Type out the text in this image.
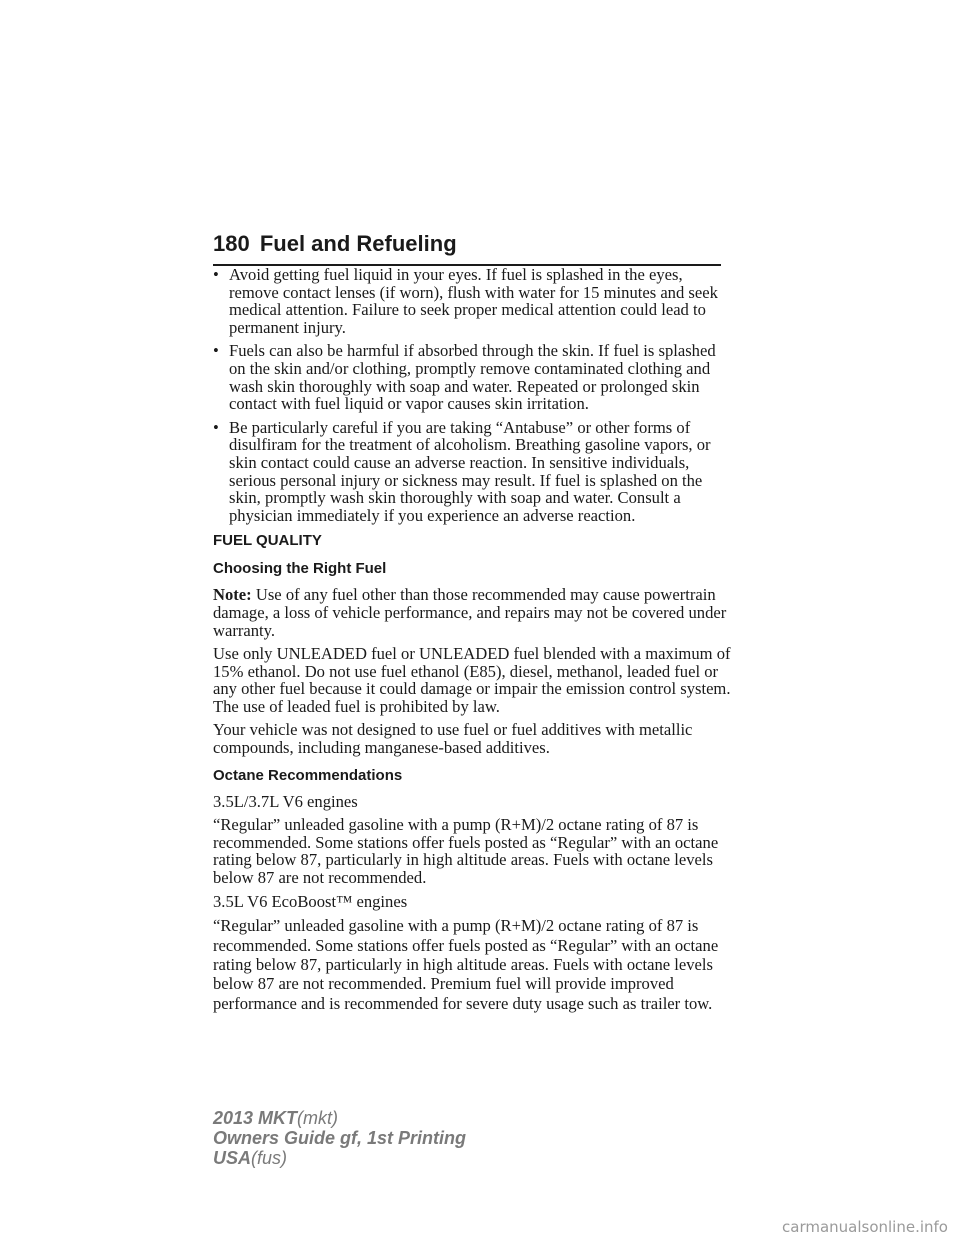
180 Fuel and Refueling
• Avoid getting fuel liquid in your eyes. If fuel is splashed in the eyes, remove contact lenses (if worn), flush with water for 15 minutes and seek medical attention. Failure to seek proper medical attention could lead to permanent injury.
• Fuels can also be harmful if absorbed through the skin. If fuel is splashed on the skin and/or clothing, promptly remove contaminated clothing and wash skin thoroughly with soap and water. Repeated or prolonged skin contact with fuel liquid or vapor causes skin irritation.
• Be particularly careful if you are taking “Antabuse” or other forms of disulfiram for the treatment of alcoholism. Breathing gasoline vapors, or skin contact could cause an adverse reaction. In sensitive individuals, serious personal injury or sickness may result. If fuel is splashed on the skin, promptly wash skin thoroughly with soap and water. Consult a physician immediately if you experience an adverse reaction.
FUEL QUALITY
Choosing the Right Fuel

Note: Use of any fuel other than those recommended may cause powertrain damage, a loss of vehicle performance, and repairs may not be covered under warranty.

Use only UNLEADED fuel or UNLEADED fuel blended with a maximum of 15% ethanol. Do not use fuel ethanol (E85), diesel, methanol, leaded fuel or any other fuel because it could damage or impair the emission control system. The use of leaded fuel is prohibited by law.

Your vehicle was not designed to use fuel or fuel additives with metallic compounds, including manganese-based additives.

Octane Recommendations

3.5L/3.7L V6 engines

“Regular” unleaded gasoline with a pump (R+M)/2 octane rating of 87 is recommended. Some stations offer fuels posted as “Regular” with an octane rating below 87, particularly in high altitude areas. Fuels with octane levels below 87 are not recommended.

3.5L V6 EcoBoost™ engines

“Regular” unleaded gasoline with a pump (R+M)/2 octane rating of 87 is recommended. Some stations offer fuels posted as “Regular” with an octane rating below 87, particularly in high altitude areas. Fuels with octane levels below 87 are not recommended. Premium fuel will provide improved performance and is recommended for severe duty usage such as trailer tow.

2013 MKT(mkt)
Owners Guide gf, 1st Printing
USA(fus)
carmanualsonline.info
